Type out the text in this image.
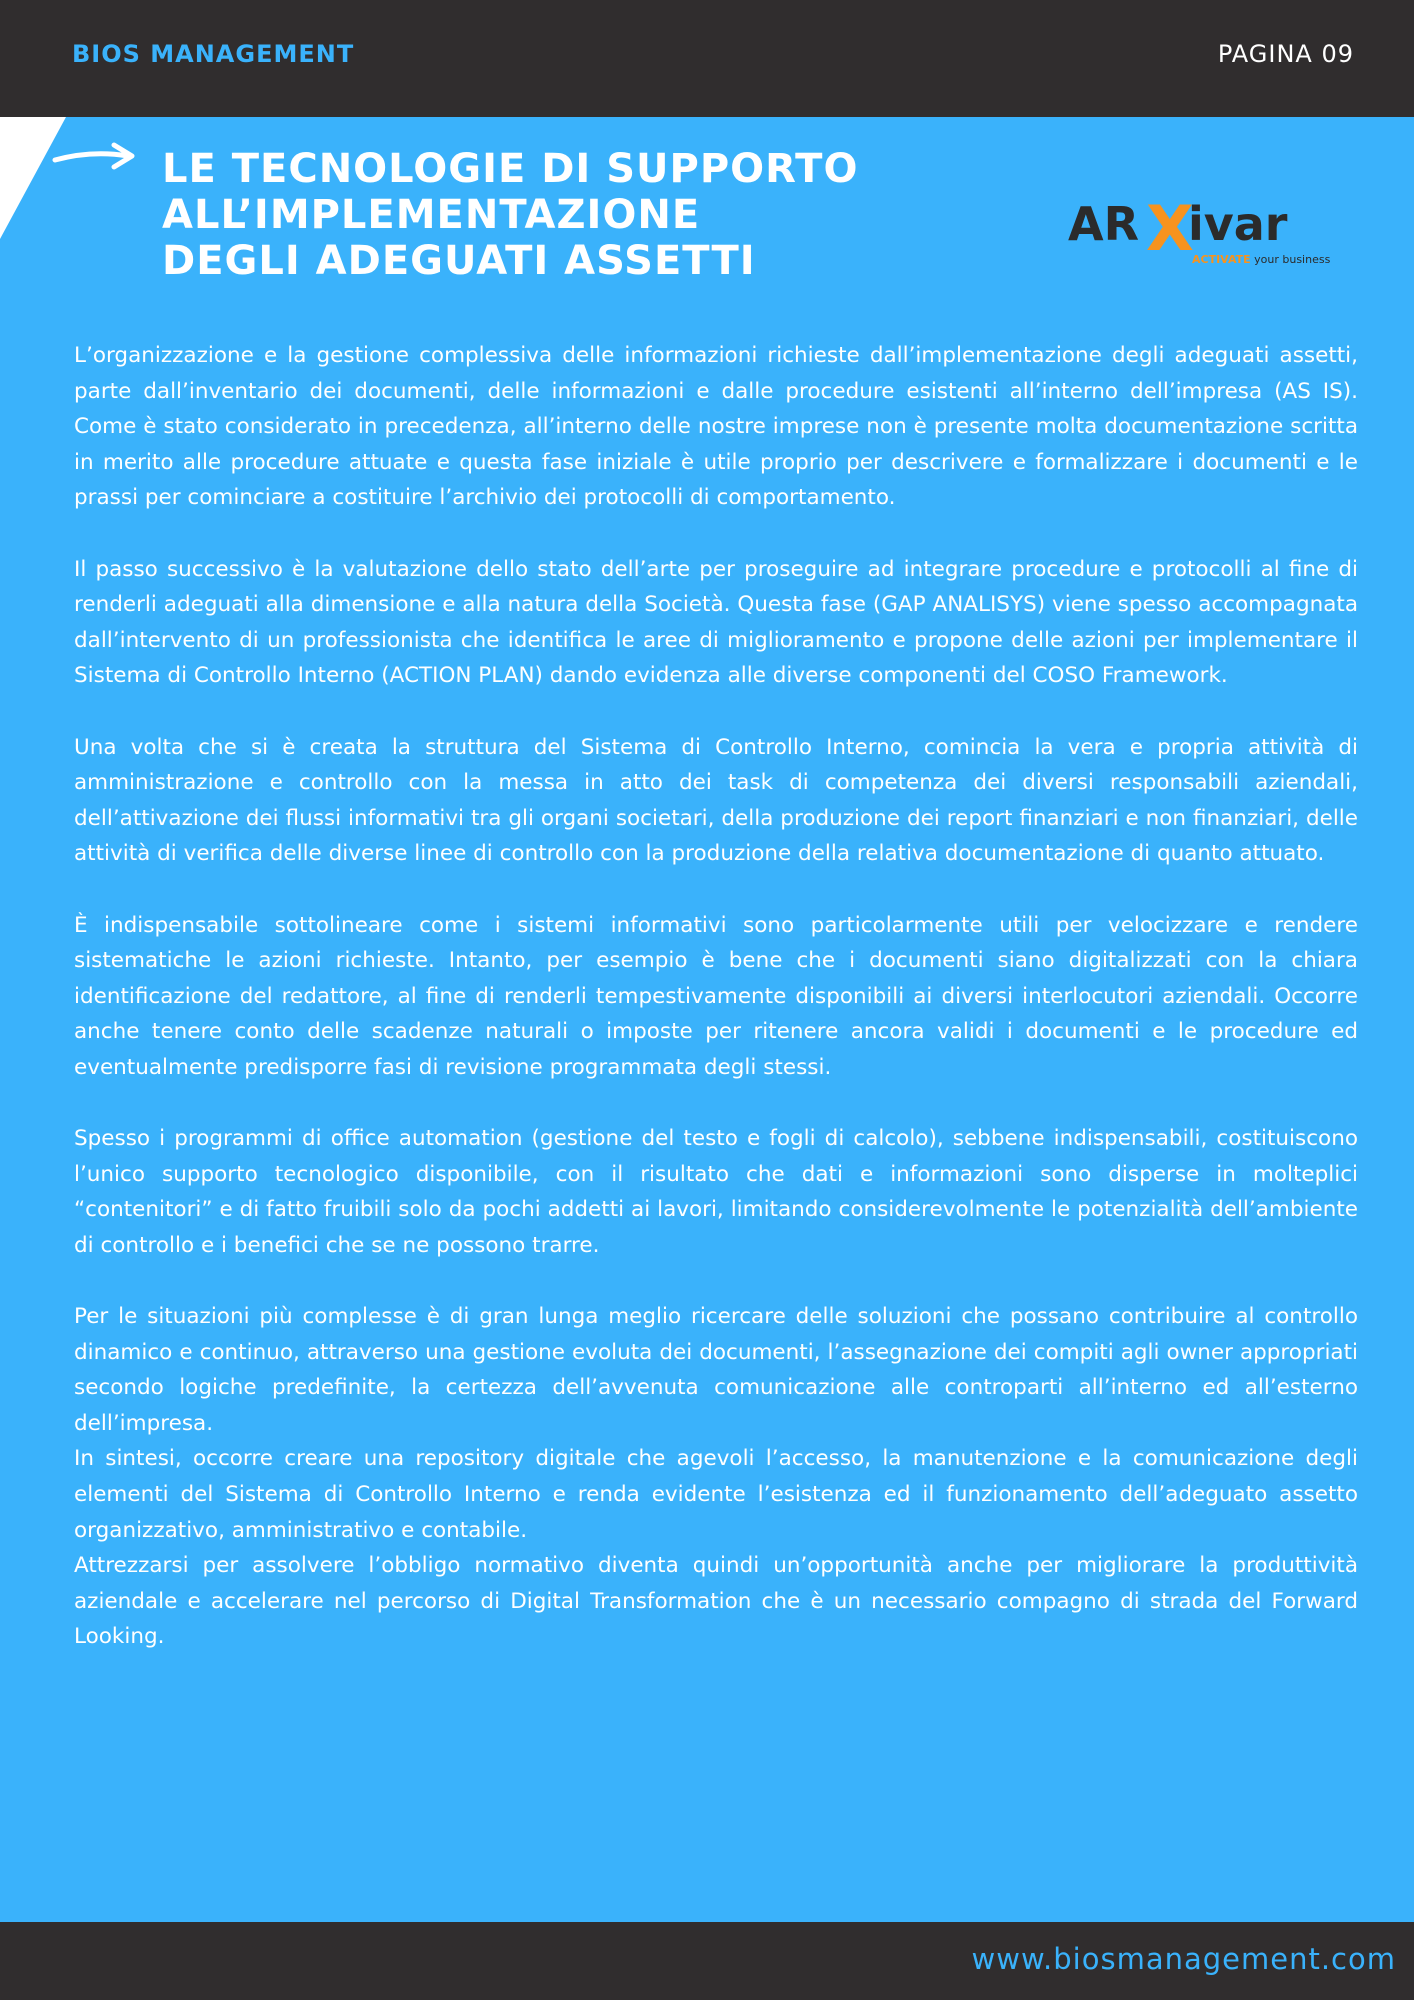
BIOS MANAGEMENT	PAGINA 09
LE TECNOLOGIE DI SUPPORTO
ALL’IMPLEMENTAZIONE
DEGLI ADEGUATI ASSETTI
AR X
ivar
ACTIVATE your business

L’organizzazione e la gestione complessiva delle informazioni richieste dall’implementazione degli adeguati assetti, parte dall’inventario dei documenti, delle informazioni e dalle procedure esistenti all’interno dell’impresa (AS IS). Come è stato considerato in precedenza, all’interno delle nostre imprese non è presente molta documentazione scritta in merito alle procedure attuate e questa fase iniziale è utile proprio per descrivere e formalizzare i documenti e le prassi per cominciare a costituire l’archivio dei protocolli di comportamento.

Il passo successivo è la valutazione dello stato dell’arte per proseguire ad integrare procedure e protocolli al fine di renderli adeguati alla dimensione e alla natura della Società. Questa fase (GAP ANALISYS) viene spesso accompagnata dall’intervento di un professionista che identifica le aree di miglioramento e propone delle azioni per implementare il Sistema di Controllo Interno (ACTION PLAN) dando evidenza alle diverse componenti del COSO Framework.

Una volta che si è creata la struttura del Sistema di Controllo Interno, comincia la vera e propria attività di amministrazione e controllo con la messa in atto dei task di competenza dei diversi responsabili aziendali, dell’attivazione dei flussi informativi tra gli organi societari, della produzione dei report finanziari e non finanziari, delle attività di verifica delle diverse linee di controllo con la produzione della relativa documentazione di quanto attuato.

È indispensabile sottolineare come i sistemi informativi sono particolarmente utili per velocizzare e rendere sistematiche le azioni richieste. Intanto, per esempio è bene che i documenti siano digitalizzati con la chiara identificazione del redattore, al fine di renderli tempestivamente disponibili ai diversi interlocutori aziendali. Occorre anche tenere conto delle scadenze naturali o imposte per ritenere ancora validi i documenti e le procedure ed eventualmente predisporre fasi di revisione programmata degli stessi.

Spesso i programmi di office automation (gestione del testo e fogli di calcolo), sebbene indispensabili, costituiscono l’unico supporto tecnologico disponibile, con il risultato che dati e informazioni sono disperse in molteplici “contenitori” e di fatto fruibili solo da pochi addetti ai lavori, limitando considerevolmente le potenzialità dell’ambiente di controllo e i benefici che se ne possono trarre.

Per le situazioni più complesse è di gran lunga meglio ricercare delle soluzioni che possano contribuire al controllo dinamico e continuo, attraverso una gestione evoluta dei documenti, l’assegnazione dei compiti agli owner appropriati secondo logiche predefinite, la certezza dell’avvenuta comunicazione alle controparti all’interno ed all’esterno dell’impresa.

In sintesi, occorre creare una repository digitale che agevoli l’accesso, la manutenzione e la comunicazione degli elementi del Sistema di Controllo Interno e renda evidente l’esistenza ed il funzionamento dell’adeguato assetto organizzativo, amministrativo e contabile.

Attrezzarsi per assolvere l’obbligo normativo diventa quindi un’opportunità anche per migliorare la produttività aziendale e accelerare nel percorso di Digital Transformation che è un necessario compagno di strada del Forward Looking.

www.biosmanagement.com
